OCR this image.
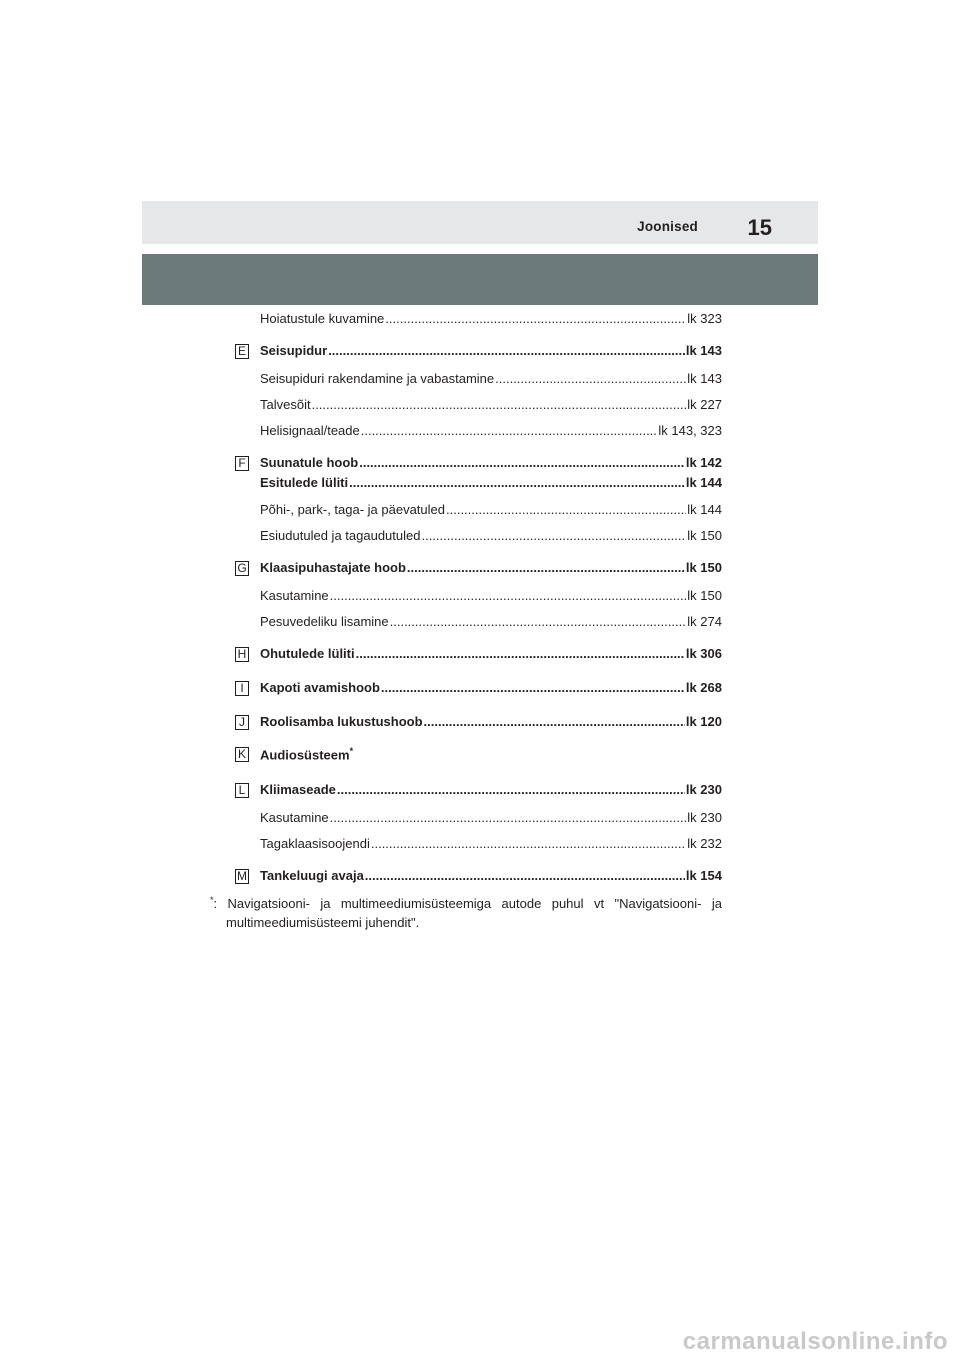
Joonised 15
Hoiatustule kuvamine .....	lk 323
E Seisupidur .....	lk 143
Seisupiduri rakendamine ja vabastamine .....	lk 143
Talvesõit .....	lk 227
Helisignaal/teade .....	lk 143, 323
F Suunatule hoob .....	lk 142
Esitulede lüliti .....	lk 144
Põhi-, park-, taga- ja päevatuled .....	lk 144
Esiudutuled ja tagaudutuled .....	lk 150
G Klaasipuhastajate hoob .....	lk 150
Kasutamine .....	lk 150
Pesuvedeliku lisamine .....	lk 274
H Ohutulede lüliti .....	lk 306
I	Kapoti avamishoob .....	lk 268
J	Roolisamba lukustushoob .....	lk 120
K Audiosüsteem*
L Kliimaseade .....	lk 230
Kasutamine .....	lk 230
Tagaklaasisoojendi .....	lk 232
M Tankeluugi avaja .....	lk 154
*: Navigatsiooni- ja multimeediumisüsteemiga autode puhul vt "Navigatsiooni- ja
multimeediumisüsteemi juhendit".
carmanualsonline.info
